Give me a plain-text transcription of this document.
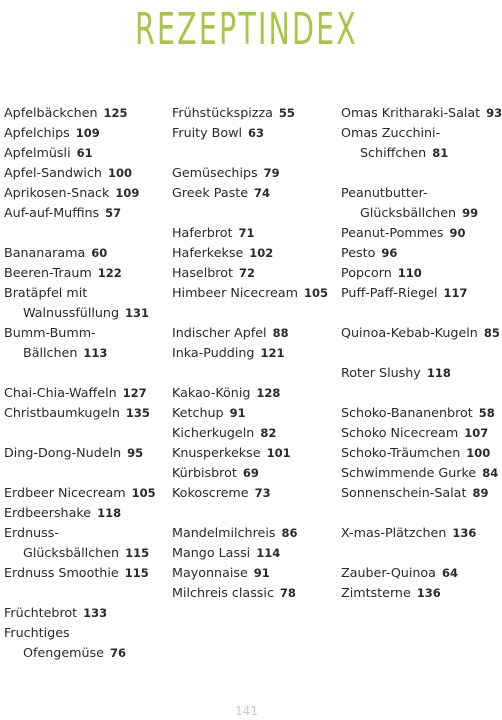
REZEPTINDEX
Apfelbäckchen 125
Apfelchips 109
Apfelmüsli 61
Apfel-Sandwich 100
Aprikosen-Snack 109
Auf-auf-Muffins 57
Bananarama 60
Beeren-Traum 122
Bratäpfel mit
Walnussfüllung 131
Bumm-Bumm-
Bällchen 113
Chai-Chia-Waffeln 127
Christbaumkugeln 135
Ding-Dong-Nudeln 95
Erdbeer Nicecream 105
Erdbeershake 118
Erdnuss-
Glücksbällchen 115
Erdnuss Smoothie 115
Früchtebrot 133
Fruchtiges
Ofengemüse 76
Frühstückspizza 55
Fruity Bowl 63
Gemüsechips 79
Greek Paste 74
Haferbrot 71
Haferkekse 102
Haselbrot 72
Himbeer Nicecream 105
Indischer Apfel 88
Inka-Pudding 121
Kakao-König 128
Ketchup 91
Kicherkugeln 82
Knusperkekse 101
Kürbisbrot 69
Kokoscreme 73
Mandelmilchreis 86
Mango Lassi 114
Mayonnaise 91
Milchreis classic 78
Omas Kritharaki-Salat 93
Omas Zucchini-
Schiffchen 81
Peanutbutter-
Glücksbällchen 99
Peanut-Pommes 90
Pesto 96
Popcorn 110
Puff-Paff-Riegel 117
Quinoa-Kebab-Kugeln 85
Roter Slushy 118
Schoko-Bananenbrot 58
Schoko Nicecream 107
Schoko-Träumchen 100
Schwimmende Gurke 84
Sonnenschein-Salat 89
X-mas-Plätzchen 136
Zauber-Quinoa 64
Zimtsterne 136
141
